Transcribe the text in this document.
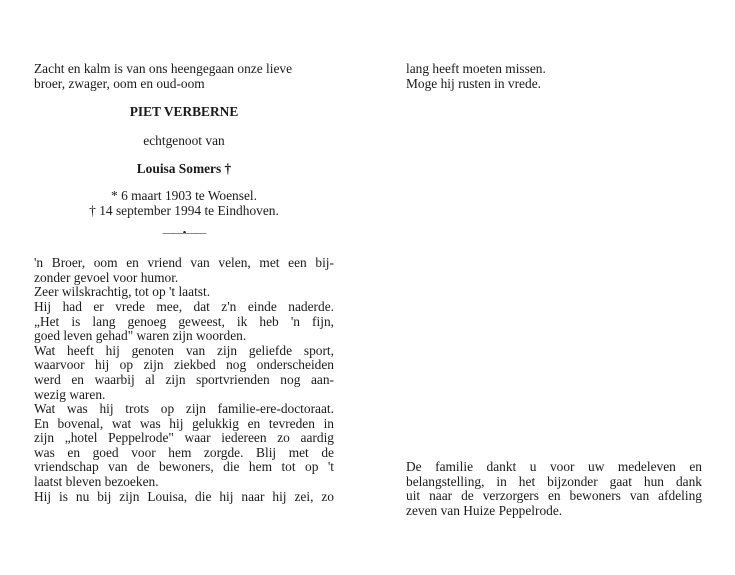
Zacht en kalm is van ons heengegaan onze lieve
broer, zwager, oom en oud-oom
PIET VERBERNE
echtgenoot van
Louisa Somers †
* 6 maart 1903 te Woensel.
† 14 september 1994 te Eindhoven.
——•——
'n Broer, oom en vriend van velen, met een bij-
zonder gevoel voor humor.
Zeer wilskrachtig, tot op 't laatst.
Hij had er vrede mee, dat z'n einde naderde.
„Het is lang genoeg geweest, ik heb 'n fijn,
goed leven gehad" waren zijn woorden.
Wat heeft hij genoten van zijn geliefde sport,
waarvoor hij op zijn ziekbed nog onderscheiden
werd en waarbij al zijn sportvrienden nog aan-
wezig waren.
Wat was hij trots op zijn familie-ere-doctoraat.
En bovenal, wat was hij gelukkig en tevreden in
zijn „hotel Peppelrode" waar iedereen zo aardig
was en goed voor hem zorgde. Blij met de
vriendschap van de bewoners, die hem tot op 't
laatst bleven bezoeken.
Hij is nu bij zijn Louisa, die hij naar hij zei, zo
lang heeft moeten missen.
Moge hij rusten in vrede.
De familie dankt u voor uw medeleven en
belangstelling, in het bijzonder gaat hun dank
uit naar de verzorgers en bewoners van afdeling
zeven van Huize Peppelrode.
